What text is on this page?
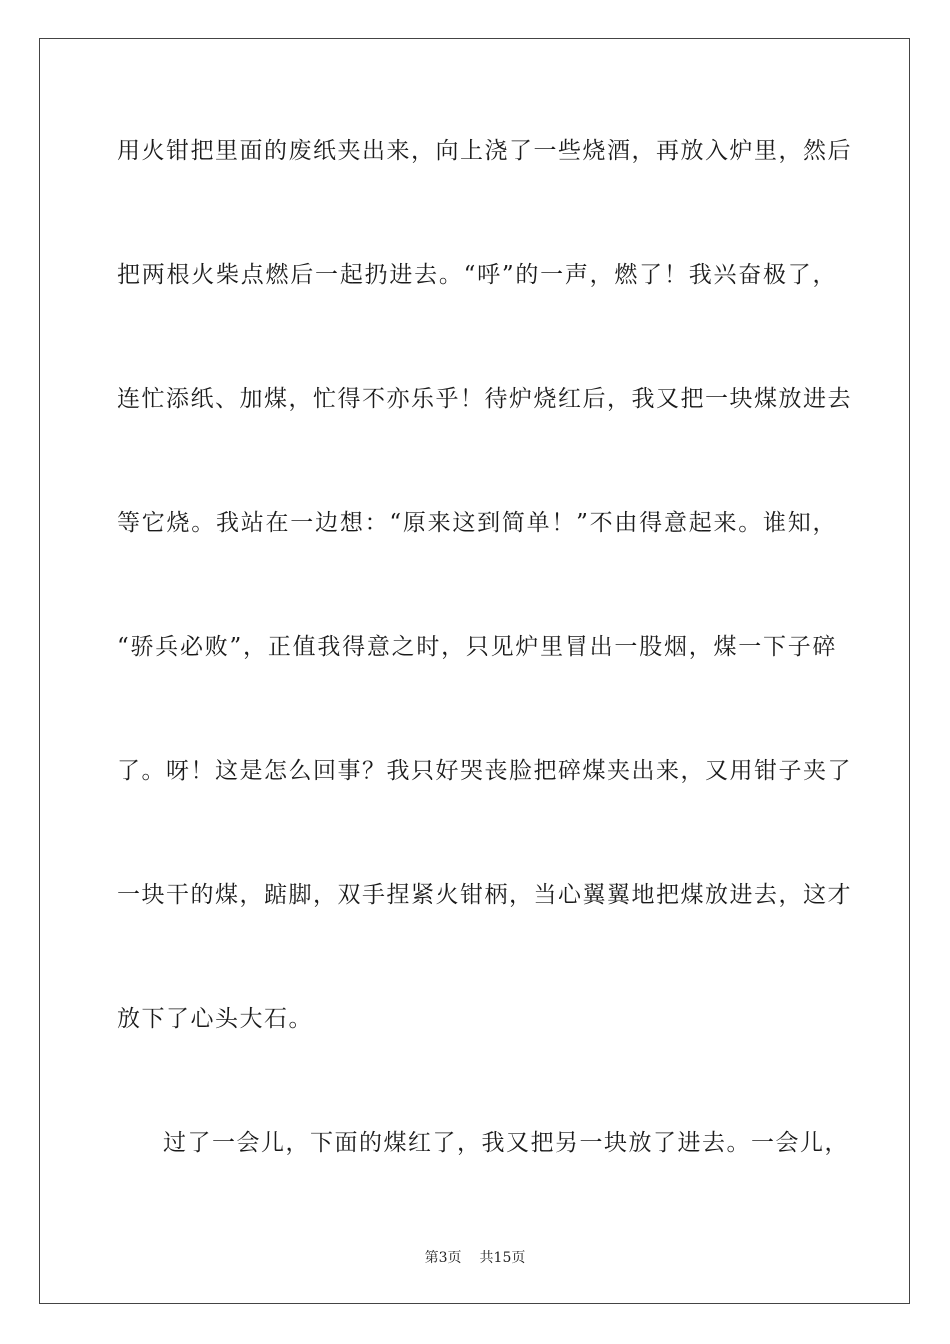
用火钳把里面的废纸夹出来，向上浇了一些烧酒，再放入炉里，然后
把两根火柴点燃后一起扔进去。“呼”的一声，燃了！我兴奋极了，
连忙添纸、加煤，忙得不亦乐乎！待炉烧红后，我又把一块煤放进去
等它烧。我站在一边想：“原来这到简单！”不由得意起来。谁知，
“骄兵必败”，正值我得意之时，只见炉里冒出一股烟，煤一下子碎
了。呀！这是怎么回事？我只好哭丧脸把碎煤夹出来，又用钳子夹了
一块干的煤，踮脚，双手捏紧火钳柄，当心翼翼地把煤放进去，这才
放下了心头大石。
过了一会儿，下面的煤红了，我又把另一块放了进去。一会儿，
第3页 共15页
